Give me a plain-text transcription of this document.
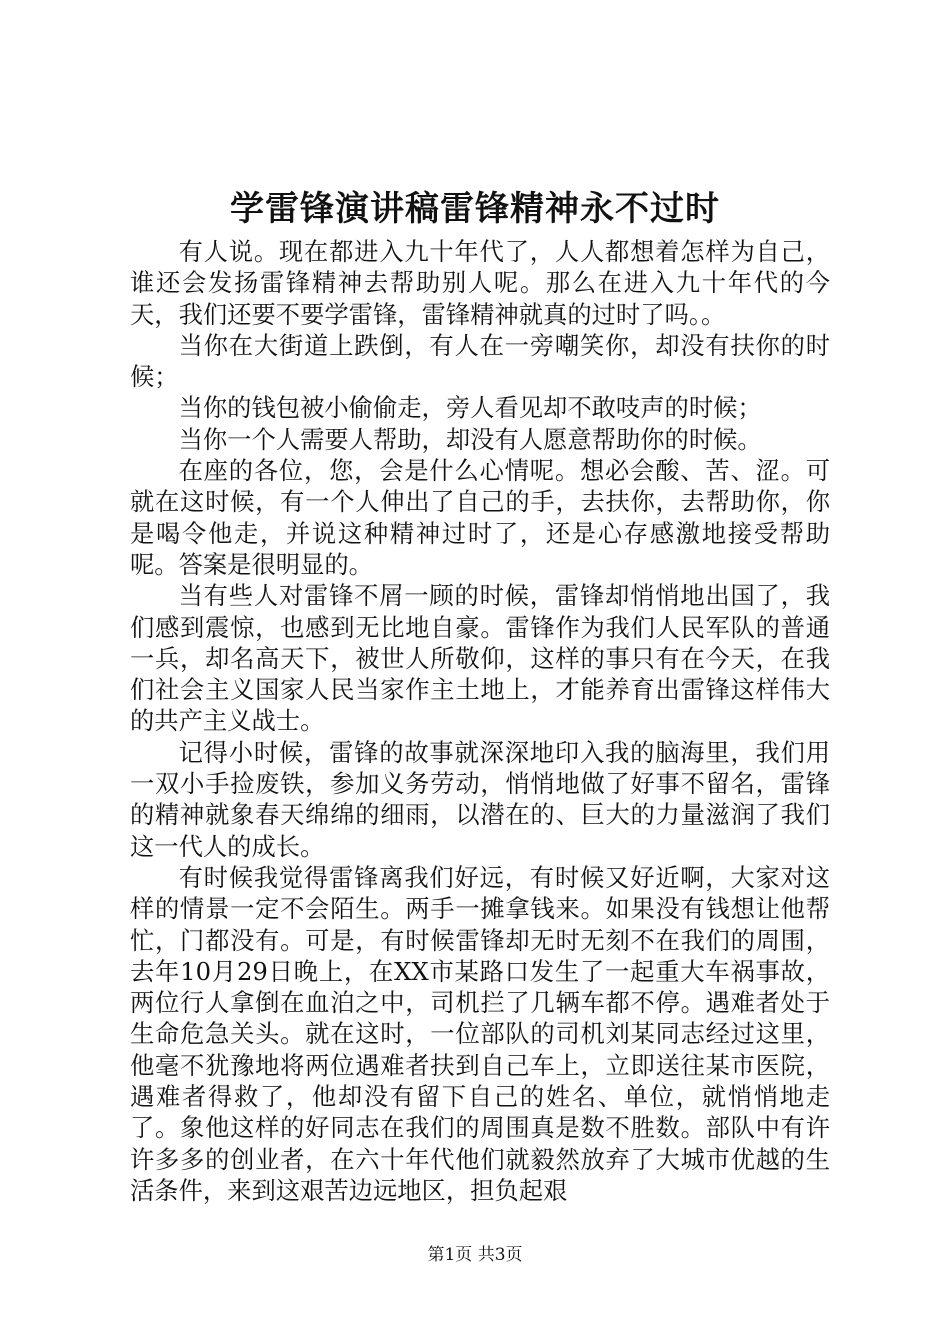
学雷锋演讲稿雷锋精神永不过时

有人说。现在都进入九十年代了，人人都想着怎样为自己，谁还会发扬雷锋精神去帮助别人呢。那么在进入九十年代的今天，我们还要不要学雷锋，雷锋精神就真的过时了吗。。

当你在大街道上跌倒，有人在一旁嘲笑你，却没有扶你的时候；

当你的钱包被小偷偷走，旁人看见却不敢吱声的时候；

当你一个人需要人帮助，却没有人愿意帮助你的时候。

在座的各位，您，会是什么心情呢。想必会酸、苦、涩。可就在这时候，有一个人伸出了自己的手，去扶你，去帮助你，你是喝令他走，并说这种精神过时了，还是心存感激地接受帮助呢。答案是很明显的。

当有些人对雷锋不屑一顾的时候，雷锋却悄悄地出国了，我们感到震惊，也感到无比地自豪。雷锋作为我们人民军队的普通一兵，却名高天下，被世人所敬仰，这样的事只有在今天，在我们社会主义国家人民当家作主土地上，才能养育出雷锋这样伟大的共产主义战士。

记得小时候，雷锋的故事就深深地印入我的脑海里，我们用一双小手捡废铁，参加义务劳动，悄悄地做了好事不留名，雷锋的精神就象春天绵绵的细雨，以潜在的、巨大的力量滋润了我们这一代人的成长。

有时候我觉得雷锋离我们好远，有时候又好近啊，大家对这样的情景一定不会陌生。两手一摊拿钱来。如果没有钱想让他帮忙，门都没有。可是，有时候雷锋却无时无刻不在我们的周围，去年10月29日晚上，在XX市某路口发生了一起重大车祸事故，两位行人拿倒在血泊之中，司机拦了几辆车都不停。遇难者处于生命危急关头。就在这时，一位部队的司机刘某同志经过这里，他毫不犹豫地将两位遇难者扶到自己车上，立即送往某市医院，遇难者得救了，他却没有留下自己的姓名、单位，就悄悄地走了。象他这样的好同志在我们的周围真是数不胜数。部队中有许许多多的创业者，在六十年代他们就毅然放弃了大城市优越的生活条件，来到这艰苦边远地区，担负起艰

第1页 共3页
